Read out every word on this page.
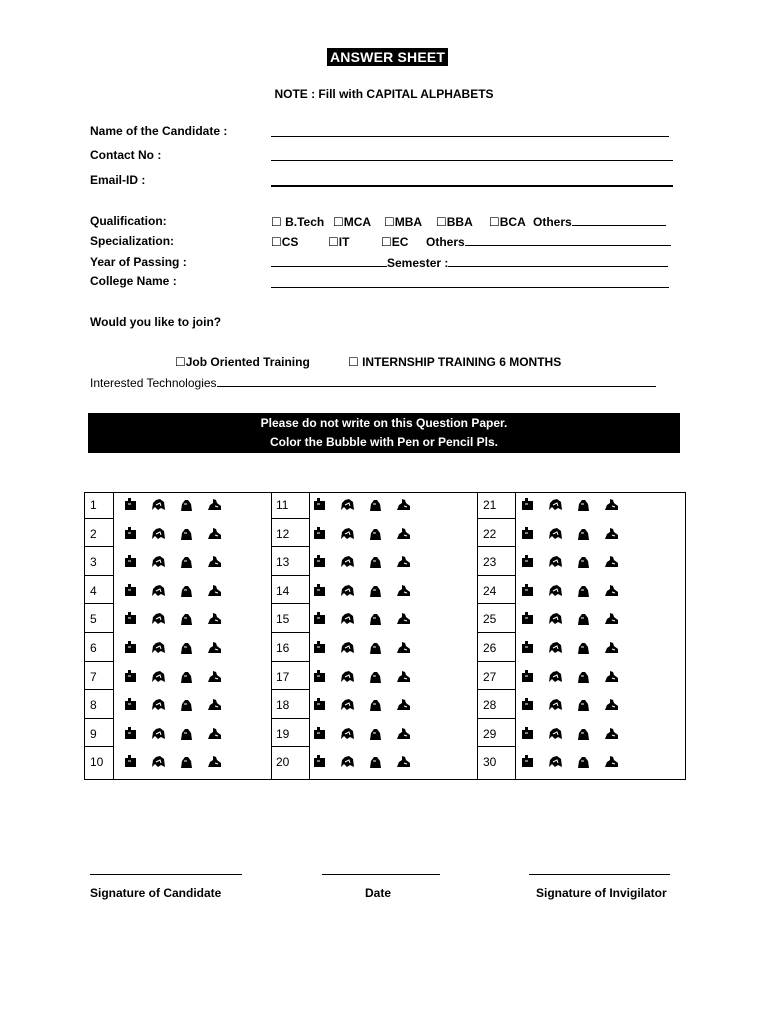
ANSWER SHEET
NOTE : Fill with CAPITAL ALPHABETS
Name of the Candidate :
Contact No :
Email-ID :
Qualification:	☐ B.Tech ☐MCA ☐MBA ☐BBA ☐BCA Others
Specialization:	☐CS ☐IT	☐EC Others
Year of Passing :	Semester :
College Name :
Would you like to join?
☐Job Oriented Training	☐ INTERNSHIP TRAINING 6 MONTHS
Interested Technologies
Please do not write on this Question Paper.
Color the Bubble with Pen or Pencil Pls.
1
2
3
4
5
6
7
8
9
10
11
12
13
14
15
16
17
18
19
20
21
22
23
24
25
26
27
28
29
30
Signature of Candidate	Date	Signature of Invigilator
